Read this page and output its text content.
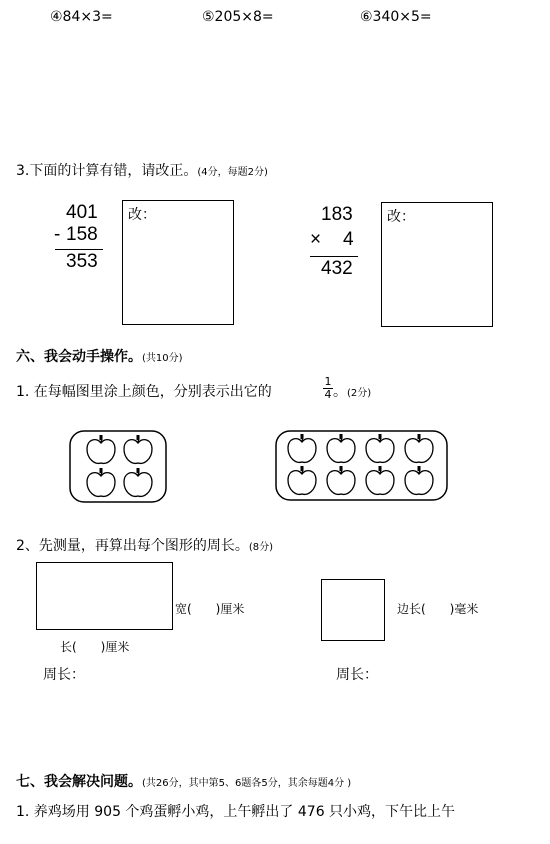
④84×3=	⑤205×8=	⑥340×5=
3.下面的计算有错，请改正。(4分，每题2分)
401
- 158
353
改：	183
× 4
432
改：
六、我会动手操作。(共10分)
1. 在每幅图里涂上颜色，分别表示出它的
1
4 。(2分)
2、先测量，再算出每个图形的周长。(8分)
宽(　　)厘米
长(　　)厘米
边长(　　)毫米
周长：	周长：
七、我会解决问题。(共26分，其中第5、6题各5分，其余每题4分 )
1. 养鸡场用 905 个鸡蛋孵小鸡，上午孵出了 476 只小鸡，下午比上午
